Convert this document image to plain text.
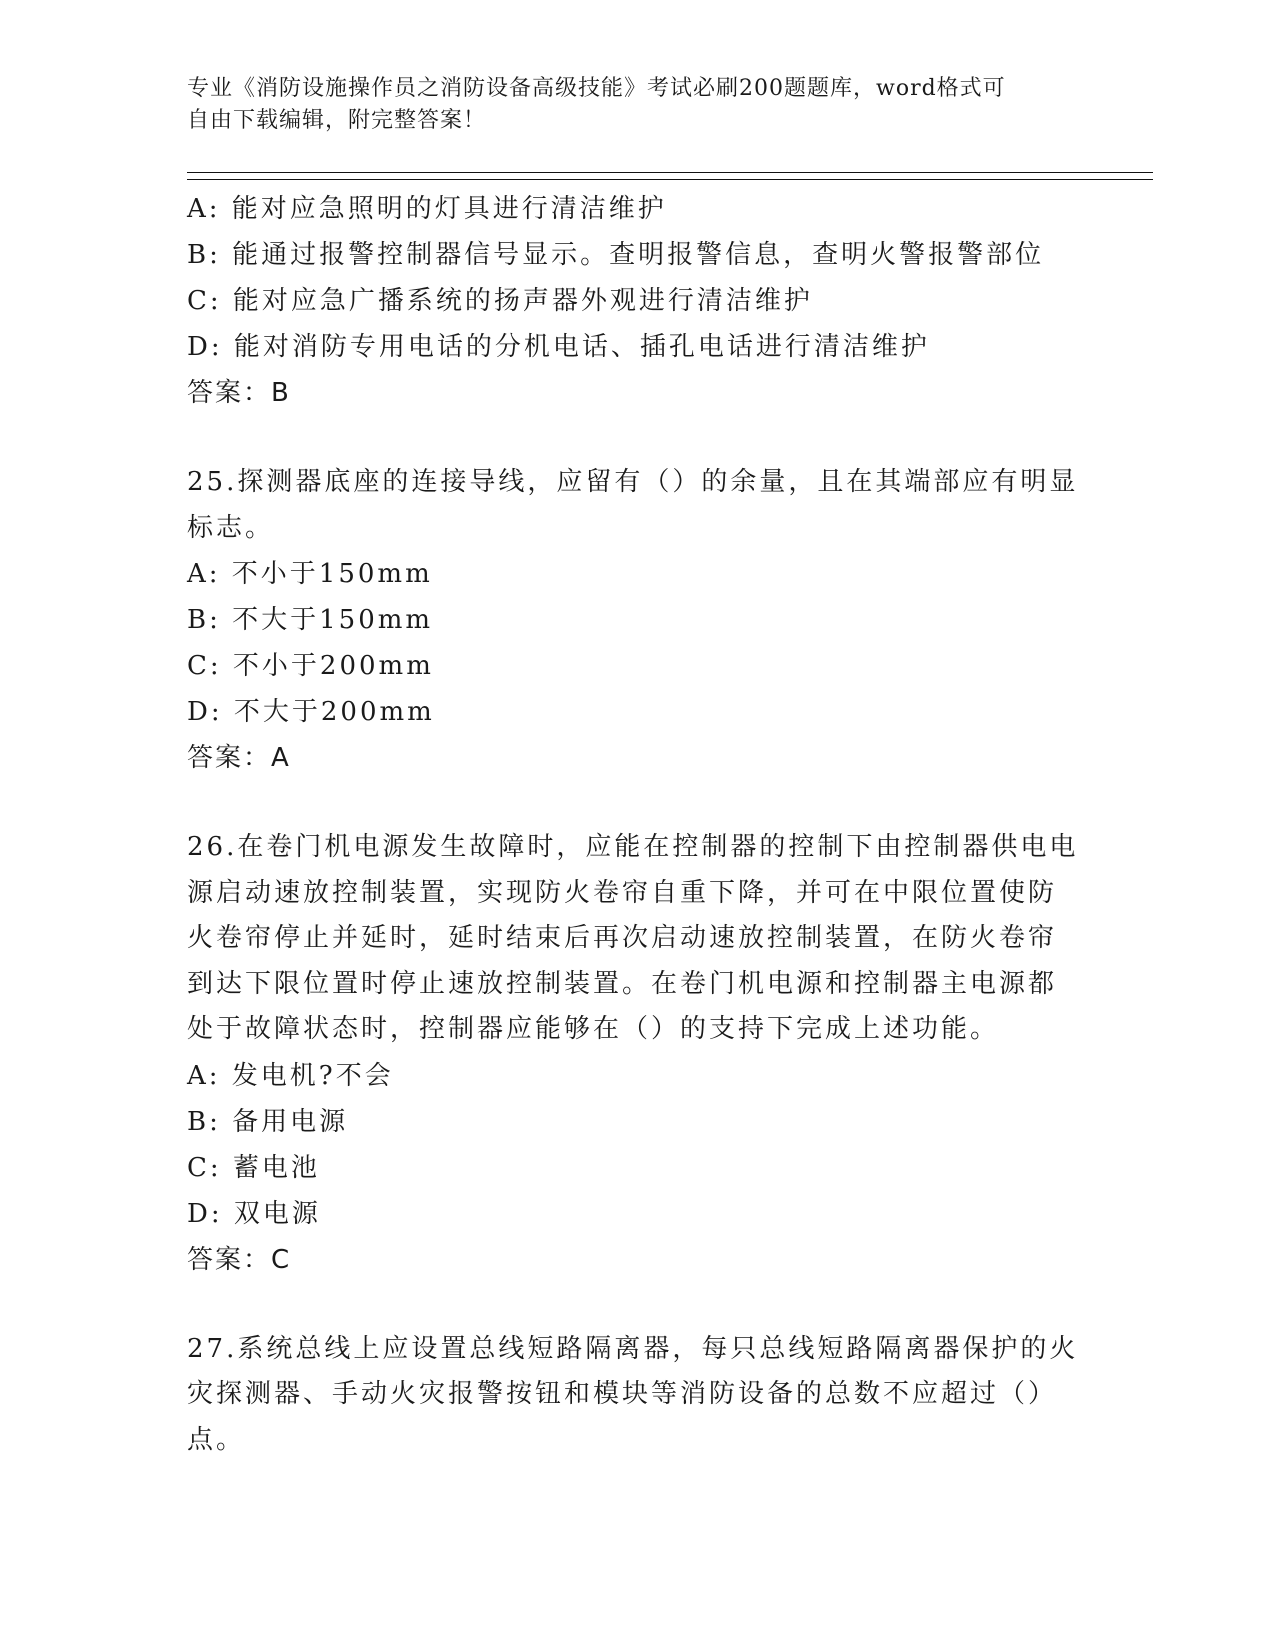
专业《消防设施操作员之消防设备高级技能》考试必刷200题题库，word格式可
自由下载编辑，附完整答案！
A: 能对应急照明的灯具进行清洁维护
B: 能通过报警控制器信号显示。查明报警信息，查明火警报警部位
C: 能对应急广播系统的扬声器外观进行清洁维护
D: 能对消防专用电话的分机电话、插孔电话进行清洁维护
答案：B
25.探测器底座的连接导线，应留有（）的余量，且在其端部应有明显
标志。
A: 不小于150mm
B: 不大于150mm
C: 不小于200mm
D: 不大于200mm
答案：A
26.在卷门机电源发生故障时，应能在控制器的控制下由控制器供电电
源启动速放控制装置，实现防火卷帘自重下降，并可在中限位置使防
火卷帘停止并延时，延时结束后再次启动速放控制装置，在防火卷帘
到达下限位置时停止速放控制装置。在卷门机电源和控制器主电源都
处于故障状态时，控制器应能够在（）的支持下完成上述功能。
A: 发电机?不会
B: 备用电源
C: 蓄电池
D: 双电源
答案：C
27.系统总线上应设置总线短路隔离器，每只总线短路隔离器保护的火
灾探测器、手动火灾报警按钮和模块等消防设备的总数不应超过（）
点。
